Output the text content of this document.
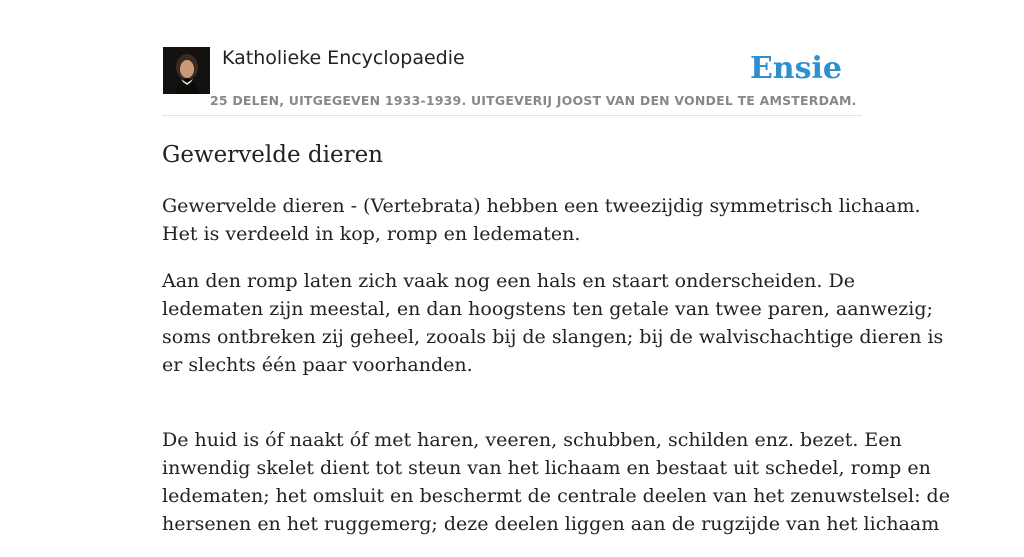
Katholieke Encyclopaedie	Ensie
25 DELEN, UITGEGEVEN 1933-1939. UITGEVERIJ JOOST VAN DEN VONDEL TE AMSTERDAM.
Gewervelde dieren

Gewervelde dieren - (Vertebrata) hebben een tweezijdig symmetrisch lichaam.
Het is verdeeld in kop, romp en ledematen.

Aan den romp laten zich vaak nog een hals en staart onderscheiden. De
ledematen zijn meestal, en dan hoogstens ten getale van twee paren, aanwezig;
soms ontbreken zij geheel, zooals bij de slangen; bij de walvischachtige dieren is
er slechts één paar voorhanden.

De huid is óf naakt óf met haren, veeren, schubben, schilden enz. bezet. Een
inwendig skelet dient tot steun van het lichaam en bestaat uit schedel, romp en
ledematen; het omsluit en beschermt de centrale deelen van het zenuwstelsel: de
hersenen en het ruggemerg; deze deelen liggen aan de rugzijde van het lichaam
